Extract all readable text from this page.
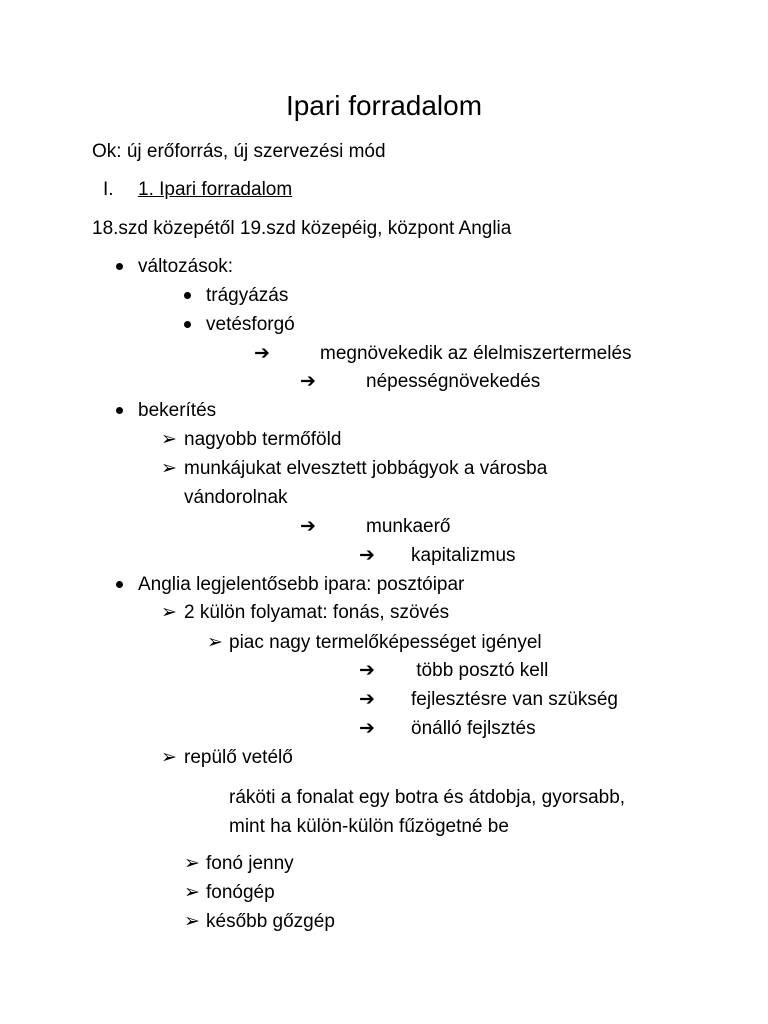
Ipari forradalom
Ok: új erőforrás, új szervezési mód
I. 1. Ipari forradalom
18.szd közepétől 19.szd közepéig, központ Anglia
változások:
trágyázás
vetésforgó
➔	megnövekedik az élelmiszertermelés
➔	népességnövekedés
bekerítés
➢ nagyobb termőföld
➢ munkájukat elvesztett jobbágyok a városba
vándorolnak
➔	munkaerő
➔ kapitalizmus
Anglia legjelentősebb ipara: posztóipar
➢ 2 külön folyamat: fonás, szövés
➢ piac nagy termelőképességet igényel
➔ több posztó kell
➔ fejlesztésre van szükség
➔ önálló fejlsztés
➢ repülő vetélő
ráköti a fonalat egy botra és átdobja, gyorsabb,
mint ha külön-külön fűzögetné be
➢ fonó jenny
➢ fonógép
➢ később gőzgép
